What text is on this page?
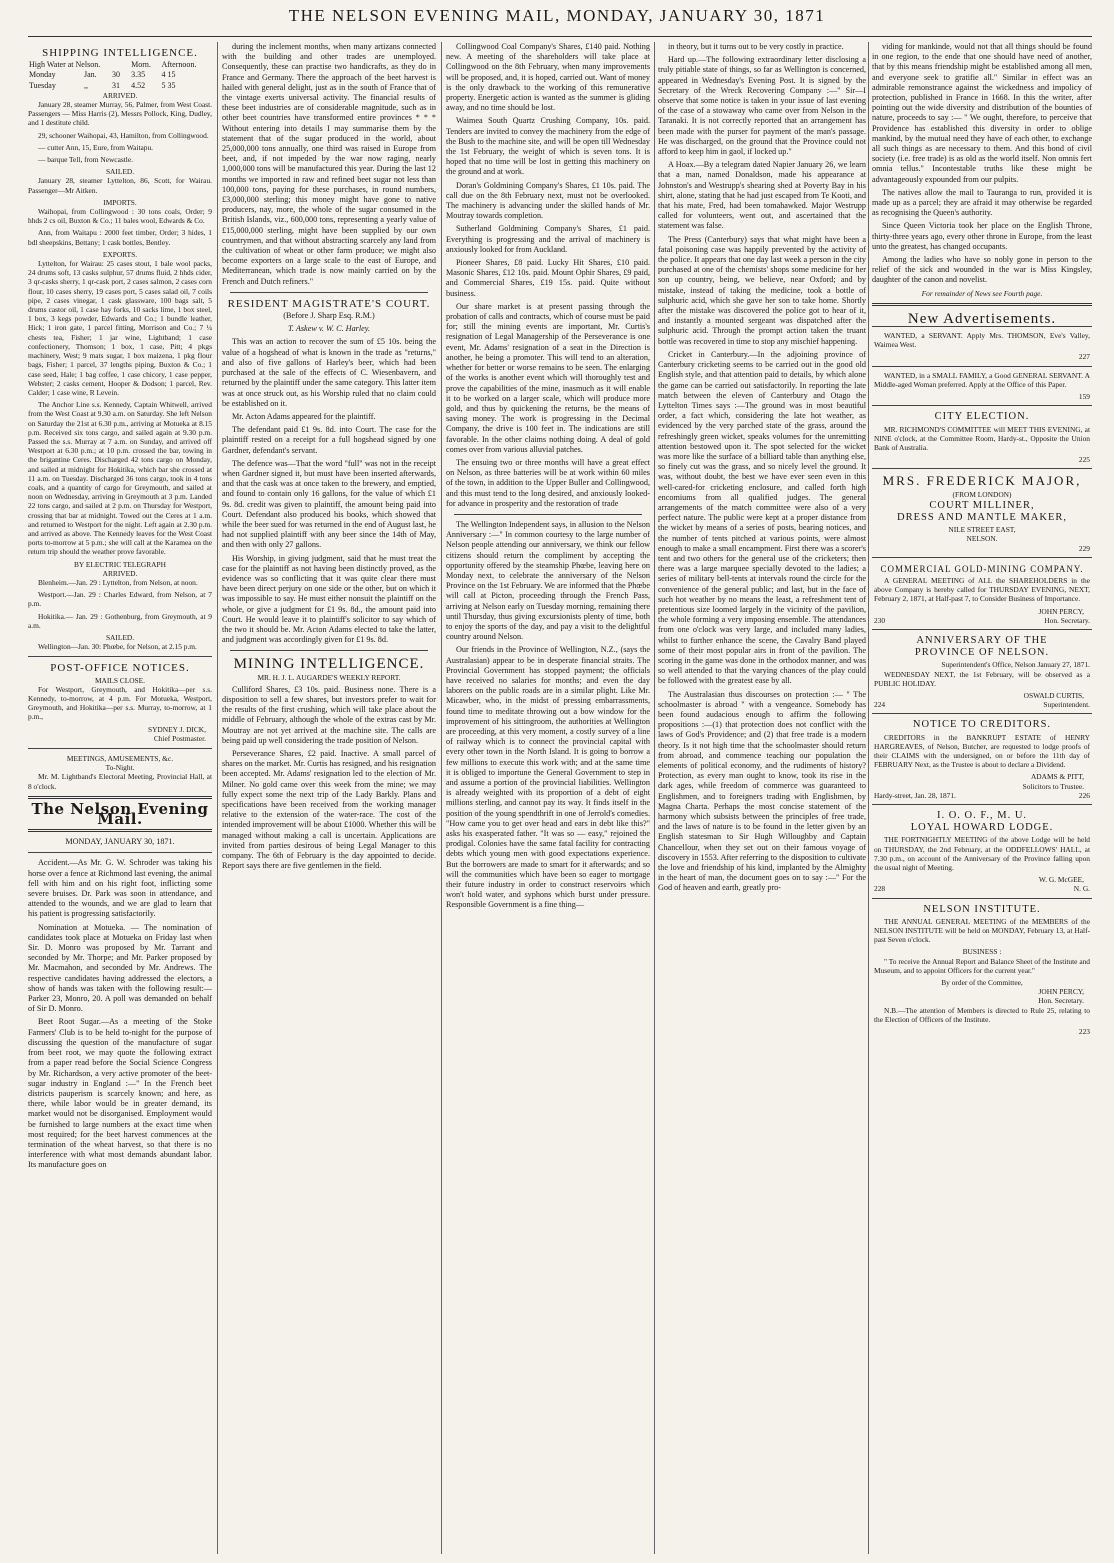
THE NELSON EVENING MAIL, MONDAY, JANUARY 30, 1871
SHIPPING INTELLIGENCE.
High Water at Nelson.			Morn.	Afternoon.
Monday	Jan.	30	3.35	4 15
Tuesday	,,	31	4.52	5 35
ARRIVED.

January 28, steamer Murray, 56, Palmer, from West Coast. Passengers — Miss Harris (2), Messrs Pollock, King, Dudley, and 1 destitute child.

29, schooner Waihopai, 43, Hamilton, from Collingwood.

— cutter Ann, 15, Eure, from Waitapu.

— barque Tell, from Newcastle.

SAILED.

January 28, steamer Lyttelton, 86, Scott, for Wairau. Passenger—Mr Aitken.

IMPORTS.

Waihopai, from Collingwood : 30 tons coals, Order; 9 hhds 2 cs oil, Buxton & Co.; 11 bales wool, Edwards & Co.

Ann, from Waitapu : 2000 feet timber, Order; 3 hides, 1 bdl sheepskins, Bettany; 1 cask bottles, Bentley.

EXPORTS.

Lyttelton, for Wairau: 25 cases stout, 1 bale wool packs, 24 drums soft, 13 casks sulphur, 57 drums fluid, 2 hhds cider, 3 qr-casks sherry, 1 qr-cask port, 2 cases salmon, 2 cases corn flour, 10 cases sherry, 19 cases port, 5 cases salad oil, 7 coils pipe, 2 cases vinegar, 1 cask glassware, 100 bags salt, 5 drums castor oil, 1 case hay forks, 10 sacks lime, 1 box steel, 1 box, 3 kegs powder, Edwards and Co.; 1 bundle leather, Hick; 1 iron gate, 1 parcel fitting, Morrison and Co.; 7 ¼ chests tea, Fisher; 1 jar wine, Lightband; 1 case confectionery, Thomson; 1 box, 1 case, Pitt; 4 pkgs machinery, West; 9 mats sugar, 1 box maizena, 1 pkg flour bags, Fisher; 1 parcel, 37 lengths piping, Buxton & Co.; 1 case seed, Hale; 1 bag coffee, 1 case chicory, 1 case pepper, Webster; 2 casks cement, Hooper & Dodson; 1 parcel, Rev. Calder; 1 case wine, R Levein.

The Anchor Line s.s. Kennedy, Captain Whitwell, arrived from the West Coast at 9.30 a.m. on Saturday. She left Nelson on Saturday the 21st at 6.30 p.m., arriving at Motueka at 8.15 p.m. Received six tons cargo, and sailed again at 9.30 p.m. Passed the s.s. Murray at 7 a.m. on Sunday, and arrived off Westport at 6.30 p.m.; at 10 p.m. crossed the bar, towing in the brigantine Ceres. Discharged 42 tons cargo on Monday, and sailed at midnight for Hokitika, which bar she crossed at 11 a.m. on Tuesday. Discharged 36 tons cargo, took in 4 tons coals, and a quantity of cargo for Greymouth, and sailed at noon on Wednesday, arriving in Greymouth at 3 p.m. Landed 22 tons cargo, and sailed at 2 p.m. on Thursday for Westport, crossing that bar at midnight. Towed out the Ceres at 1 a.m. and returned to Westport for the night. Left again at 2.30 p.m. and arrived as above. The Kennedy leaves for the West Coast ports to-morrow at 5 p.m.; she will call at the Karamea on the return trip should the weather prove favorable.

BY ELECTRIC TELEGRAPH
ARRIVED.

Blenheim.—Jan. 29 : Lyttelton, from Nelson, at noon.

Westport.—Jan. 29 : Charles Edward, from Nelson, at 7 p.m.

Hokitika.— Jan. 29 : Gothenburg, from Greymouth, at 9 a.m.

SAILED.

Wellington—Jan. 30: Phœbe, for Nelson, at 2.15 p.m.

POST-OFFICE NOTICES.
MAILS CLOSE.

For Westport, Greymouth, and Hokitika—per s.s. Kennedy, to-morrow, at 4 p.m. For Motueka, Westport, Greymouth, and Hokitika—per s.s. Murray, to-morrow, at 1 p.m.,

SYDNEY J. DICK,
Chief Postmaster.
MEETINGS, AMUSEMENTS, &c.
To-Night.

Mr. M. Lightband's Electoral Meeting, Provincial Hall, at 8 o'clock.

The Nelson Evening Mail.
MONDAY, JANUARY 30, 1871.

Accident.—As Mr. G. W. Schroder was taking his horse over a fence at Richmond last evening, the animal fell with him and on his right foot, inflicting some severe bruises. Dr. Park was soon in attendance, and attended to the wounds, and we are glad to learn that his patient is progressing satisfactorily.

Nomination at Motueka. — The nomination of candidates took place at Motueka on Friday last when Sir. D. Monro was proposed by Mr. Tarrant and seconded by Mr. Thorpe; and Mr. Parker proposed by Mr. Macmahon, and seconded by Mr. Andrews. The respective candidates having addressed the electors, a show of hands was taken with the following result:—Parker 23, Monro, 20. A poll was demanded on behalf of Sir D. Monro.

Beet Root Sugar.—As a meeting of the Stoke Farmers' Club is to be held to-night for the purpose of discussing the question of the manufacture of sugar from beet root, we may quote the following extract from a paper read before the Social Science Congress by Mr. Richardson, a very active promoter of the beet-sugar industry in England :—" In the French beet districts pauperism is scarcely known; and here, as there, while labor would be in greater demand, its market would not be disorganised. Employment would be furnished to large numbers at the exact time when most required; for the beet harvest commences at the termination of the wheat harvest, so that there is no interference with what most demands abundant labor. Its manufacture goes on

during the inclement months, when many artizans connected with the building and other trades are unemployed. Consequently, these can practise two handicrafts, as they do in France and Germany. There the approach of the beet harvest is hailed with general delight, just as in the south of France that of the vintage exerts universal activity. The financial results of these beet industries are of considerable magnitude, such as in other beet countries have transformed entire provinces * * * Without entering into details I may summarise them by the statement that of the sugar produced in the world, about 25,000,000 tons annually, one third was raised in Europe from beet, and, if not impeded by the war now raging, nearly 1,000,000 tons will be manufactured this year. During the last 12 months we imported in raw and refined beet sugar not less than 100,000 tons, paying for these purchases, in round numbers, £3,000,000 sterling; this money might have gone to native producers, nay, more, the whole of the sugar consumed in the British Islands, viz., 600,000 tons, representing a yearly value of £15,000,000 sterling, might have been supplied by our own countrymen, and that without abstracting scarcely any land from the cultivation of wheat or other farm produce; we might also become exporters on a large scale to the east of Europe, and Mediterranean, which trade is now mainly carried on by the French and Dutch refiners."

RESIDENT MAGISTRATE'S COURT.
(Before J. Sharp Esq. R.M.)
T. Askew v. W. C. Harley.

This was an action to recover the sum of £5 10s. being the value of a hogshead of what is known in the trade as "returns," and also of five gallons of Harley's beer, which had been purchased at the sale of the effects of C. Wiesenbavern, and returned by the plaintiff under the same category. This latter item was at once struck out, as his Worship ruled that no claim could be established on it.

Mr. Acton Adams appeared for the plaintiff.

The defendant paid £1 9s. 8d. into Court. The case for the plaintiff rested on a receipt for a full hogshead signed by one Gardner, defendant's servant.

The defence was—That the word "full" was not in the receipt when Gardner signed it, but must have been inserted afterwards, and that the cask was at once taken to the brewery, and emptied, and found to contain only 16 gallons, for the value of which £1 9s. 8d. credit was given to plaintiff, the amount being paid into Court. Defendant also produced his books, which showed that while the beer sued for was returned in the end of August last, he had not supplied plaintiff with any beer since the 14th of May, and then with only 27 gallons.

His Worship, in giving judgment, said that he must treat the case for the plaintiff as not having been distinctly proved, as the evidence was so conflicting that it was quite clear there must have been direct perjury on one side or the other, but on which it was impossible to say. He must either nonsuit the plaintiff on the whole, or give a judgment for £1 9s. 8d., the amount paid into Court. He would leave it to plaintiff's solicitor to say which of the two it should be. Mr. Acton Adams elected to take the latter, and judgment was accordingly given for £1 9s. 8d.

MINING INTELLIGENCE.
MR. H. J. L. AUGARDE'S WEEKLY REPORT.

Culliford Shares, £3 10s. paid. Business none. There is a disposition to sell a few shares, but investors prefer to wait for the results of the first crushing, which will take place about the middle of February, although the whole of the extras cast by Mr. Moutray are not yet arrived at the machine site. The calls are being paid up well considering the trade position of Nelson.

Perseverance Shares, £2 paid. Inactive. A small parcel of shares on the market. Mr. Curtis has resigned, and his resignation been accepted. Mr. Adams' resignation led to the election of Mr. Milner. No gold came over this week from the mine; we may fully expect some the next trip of the Lady Barkly. Plans and specifications have been received from the working manager relative to the extension of the water-race. The cost of the intended improvement will be about £1000. Whether this will be managed without making a call is uncertain. Applications are invited from parties desirous of being Legal Manager to this company. The 6th of February is the day appointed to decide. Report says there are five gentlemen in the field.

Collingwood Coal Company's Shares, £140 paid. Nothing new. A meeting of the shareholders will take place at Collingwood on the 8th February, when many improvements will be proposed, and, it is hoped, carried out. Want of money is the only drawback to the working of this remunerative property. Energetic action is wanted as the summer is gliding away, and no time should be lost.

Waimea South Quartz Crushing Company, 10s. paid. Tenders are invited to convey the machinery from the edge of the Bush to the machine site, and will be open till Wednesday the 1st February, the weight of which is seven tons. It is hoped that no time will be lost in getting this machinery on the ground and at work.

Doran's Goldmining Company's Shares, £1 10s. paid. The call due on the 8th February next, must not be overlooked. The machinery is advancing under the skilled hands of Mr. Moutray towards completion.

Sutherland Goldmining Company's Shares, £1 paid. Everything is progressing and the arrival of machinery is anxiously looked for from Auckland.

Pioneer Shares, £8 paid. Lucky Hit Shares, £10 paid. Masonic Shares, £12 10s. paid. Mount Ophir Shares, £9 paid, and Commercial Shares, £19 15s. paid. Quite without business.

Our share market is at present passing through the probation of calls and contracts, which of course must be paid for; still the mining events are important, Mr. Curtis's resignation of Legal Managership of the Perseverance is one event, Mr. Adams' resignation of a seat in the Direction is another, he being a promoter. This will tend to an alteration, whether for better or worse remains to be seen. The enlarging of the works is another event which will thoroughly test and prove the capabilities of the mine, inasmuch as it will enable it to be worked on a larger scale, which will produce more gold, and thus by quickening the returns, be the means of saving money. The work is progressing in the Decimal Company, the drive is 100 feet in. The indications are still favorable. In the other claims nothing doing. A deal of gold comes over from various alluvial patches.

The ensuing two or three months will have a great effect on Nelson, as three batteries will be at work within 60 miles of the town, in addition to the Upper Buller and Collingwood, and this must tend to the long desired, and anxiously looked-for advance in prosperity and the restoration of trade

The Wellington Independent says, in allusion to the Nelson Anniversary :—" In common courtesy to the large number of Nelson people attending our anniversary, we think our fellow citizens should return the compliment by accepting the opportunity offered by the steamship Phœbe, leaving here on Monday next, to celebrate the anniversary of the Nelson Province on the 1st February. We are informed that the Phœbe will call at Picton, proceeding through the French Pass, arriving at Nelson early on Tuesday morning, remaining there until Thursday, thus giving excursionists plenty of time, both to enjoy the sports of the day, and pay a visit to the delightful country around Nelson.

Our friends in the Province of Wellington, N.Z., (says the Australasian) appear to be in desperate financial straits. The Provincial Government has stopped payment; the officials have received no salaries for months; and even the day laborers on the public roads are in a similar plight. Like Mr. Micawber, who, in the midst of pressing embarrassments, found time to meditate throwing out a bow window for the improvement of his sittingroom, the authorities at Wellington are proceeding, at this very moment, a costly survey of a line of railway which is to connect the provincial capital with every other town in the North Island. It is going to borrow a few millions to execute this work with; and at the same time it is obliged to importune the General Government to step in and assume a portion of the provincial liabilities. Wellington is already weighted with its proportion of a debt of eight millions sterling, and cannot pay its way. It finds itself in the position of the young spendthrift in one of Jerrold's comedies. "How came you to get over head and ears in debt like this?" asks his exasperated father. "It was so — easy," rejoined the prodigal. Colonies have the same fatal facility for contracting debts which young men with good expectations experience. But the borrowers are made to smart for it afterwards; and so will the communities which have been so eager to mortgage their future industry in order to construct reservoirs which won't hold water, and syphons which burst under pressure. Responsible Government is a fine thing—

in theory, but it turns out to be very costly in practice.

Hard up.—The following extraordinary letter disclosing a truly pitiable state of things, so far as Wellington is concerned, appeared in Wednesday's Evening Post. It is signed by the Secretary of the Wreck Recovering Company :—" Sir—I observe that some notice is taken in your issue of last evening of the case of a stowaway who came over from Nelson in the Taranaki. It is not correctly reported that an arrangement has been made with the purser for payment of the man's passage. He was discharged, on the ground that the Province could not afford to keep him in gaol, if locked up."

A Hoax.—By a telegram dated Napier January 26, we learn that a man, named Donaldson, made his appearance at Johnston's and Westrupp's shearing shed at Poverty Bay in his shirt, alone, stating that he had just escaped from Te Kooti, and that his mate, Fred, had been tomahawked. Major Westrupp called for volunteers, went out, and ascertained that the statement was false.

The Press (Canterbury) says that what might have been a fatal poisoning case was happily prevented by the activity of the police. It appears that one day last week a person in the city purchased at one of the chemists' shops some medicine for her son up country, being, we believe, near Oxford; and by mistake, instead of taking the medicine, took a bottle of sulphuric acid, which she gave her son to take home. Shortly after the mistake was discovered the police got to hear of it, and instantly a mounted sergeant was dispatched after the sulphuric acid. Through the prompt action taken the truant bottle was recovered in time to stop any mischief happening.

Cricket in Canterbury.—In the adjoining province of Canterbury cricketing seems to be carried out in the good old English style, and that attention paid to details, by which alone the game can be carried out satisfactorily. In reporting the late match between the eleven of Canterbury and Otago the Lyttelton Times says :—The ground was in most beautiful order, a fact which, considering the late hot weather, as evidenced by the very parched state of the grass, around the refreshingly green wicket, speaks volumes for the unremitting attention bestowed upon it. The spot selected for the wicket was more like the surface of a billiard table than anything else, so finely cut was the grass, and so nicely level the ground. It was, without doubt, the best we have ever seen even in this well-cared-for cricketing enclosure, and called forth high encomiums from all qualified judges. The general arrangements of the match committee were also of a very perfect nature. The public were kept at a proper distance from the wicket by means of a series of posts, bearing notices, and the number of tents pitched at various points, were almost enough to make a small encampment. First there was a scorer's tent and two others for the general use of the cricketers; then there was a large marquee specially devoted to the ladies; a series of military bell-tents at intervals round the circle for the convenience of the general public; and last, but in the face of such hot weather by no means the least, a refreshment tent of pretentious size loomed largely in the vicinity of the pavilion, the whole forming a very imposing ensemble. The attendances from one o'clock was very large, and included many ladies, whilst to further enhance the scene, the Cavalry Band played some of their most popular airs in front of the pavilion. The scoring in the game was done in the orthodox manner, and was so well attended to that the varying chances of the play could be followed with the greatest ease by all.

The Australasian thus discourses on protection :— " The schoolmaster is abroad " with a vengeance. Somebody has been found audacious enough to affirm the following propositions :—(1) that protection does not conflict with the laws of God's Providence; and (2) that free trade is a modern theory. Is it not high time that the schoolmaster should return from abroad, and commence teaching our population the elements of political economy, and the rudiments of history? Protection, as every man ought to know, took its rise in the dark ages, while freedom of commerce was guaranteed to Englishmen, and to foreigners trading with Englishmen, by Magna Charta. Perhaps the most concise statement of the harmony which subsists between the principles of free trade, and the laws of nature is to be found in the letter given by an English statesman to Sir Hugh Willoughby and Captain Chancellour, when they set out on their famous voyage of discovery in 1553. After referring to the disposition to cultivate the love and friendship of his kind, implanted by the Almighty in the heart of man, the document goes on to say :—" For the God of heaven and earth, greatly pro-

viding for mankinde, would not that all things should be found in one region, to the ende that one should have need of another, that by this means friendship might be established among all men, and everyone seek to gratifie all." Similar in effect was an admirable remonstrance against the wickedness and impolicy of protection, published in France in 1668. In this the writer, after pointing out the wide diversity and distribution of the bounties of nature, proceeds to say :— " We ought, therefore, to perceive that Providence has established this diversity in order to oblige mankind, by the mutual need they have of each other, to exchange all such things as are necessary to them. And this bond of civil society (i.e. free trade) is as old as the world itself. Non omnis fert omnia tellus." Incontestable truths like these might be advantageously expounded from our pulpits.

The natives allow the mail to Tauranga to run, provided it is made up as a parcel; they are afraid it may otherwise be regarded as recognising the Queen's authority.

Since Queen Victoria took her place on the English Throne, thirty-three years ago, every other throne in Europe, from the least unto the greatest, has changed occupants.

Among the ladies who have so nobly gone in person to the relief of the sick and wounded in the war is Miss Kingsley, daughter of the canon and novelist.

For remainder of News see Fourth page.
New Advertisements.

WANTED, a SERVANT. Apply Mrs. THOMSON, Eve's Valley, Waimea West.

227

WANTED, in a SMALL FAMILY, a Good GENERAL SERVANT. A Middle-aged Woman preferred. Apply at the Office of this Paper.

159
CITY ELECTION.

MR. RICHMOND'S COMMITTEE will MEET THIS EVENING, at NINE o'clock, at the Committee Room, Hardy-st., Opposite the Union Bank of Australia.

225
MRS. FREDERICK MAJOR,
(FROM LONDON)
COURT MILLINER,
DRESS AND MANTLE MAKER,
NILE STREET EAST,
NELSON.
229
COMMERCIAL GOLD-MINING COMPANY.

A GENERAL MEETING of ALL the SHAREHOLDERS in the above Company is hereby called for THURSDAY EVENING, NEXT, February 2, 1871, at Half-past 7, to Consider Business of Importance.

JOHN PERCY,
230	Hon. Secretary.
ANNIVERSARY OF THE
PROVINCE OF NELSON.
Superintendent's Office, Nelson January 27, 1871.

WEDNESDAY NEXT, the 1st February, will be observed as a PUBLIC HOLIDAY.

OSWALD CURTIS,
224	Superintendent.
NOTICE TO CREDITORS.

CREDITORS in the BANKRUPT ESTATE of HENRY HARGREAVES, of Nelson, Butcher, are requested to lodge proofs of their CLAIMS with the undersigned, on or before the 11th day of FEBRUARY Next, as the Trustee is about to declare a Dividend.

ADAMS & PITT,
Solicitors to Trustee.
Hardy-street, Jan. 28, 1871.	226
I. O. O. F., M. U.
LOYAL HOWARD LODGE.

THE FORTNIGHTLY MEETING of the above Lodge will be held on THURSDAY, the 2nd February, at the ODDFELLOWS' HALL, at 7.30 p.m., on account of the Anniversary of the Province falling upon the usual night of Meeting.

W. G. McGEE,
228	N. G.
NELSON INSTITUTE.

THE ANNUAL GENERAL MEETING of the MEMBERS of the NELSON INSTITUTE will be held on MONDAY, February 13, at Half-past Seven o'clock.

BUSINESS :

" To receive the Annual Report and Balance Sheet of the Institute and Museum, and to appoint Officers for the current year."

By order of the Committee,
JOHN PERCY,
Hon. Secretary.

N.B.—The attention of Members is directed to Rule 25, relating to the Election of Officers of the Institute.

223
